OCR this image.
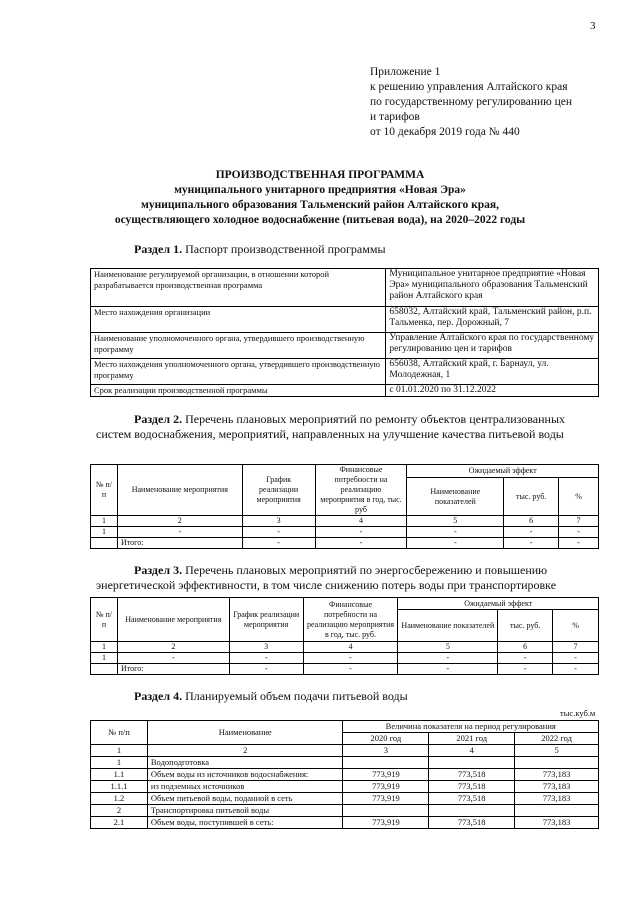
3
Приложение 1
к решению управления Алтайского края
по государственному регулированию цен
и тарифов
от 10 декабря 2019 года № 440
ПРОИЗВОДСТВЕННАЯ ПРОГРАММА
муниципального унитарного предприятия «Новая Эра»
муниципального образования Тальменский район Алтайского края,
осуществляющего холодное водоснабжение (питьевая вода), на 2020–2022 годы
Раздел 1. Паспорт производственной программы
Наименование регулируемой организации, в отношении которой разрабатывается производственная программа	Муниципальное унитарное предприятие «Новая Эра» муниципального образования Тальменский район Алтайского края
Место нахождения организации	658032, Алтайский край, Тальменский район, р.п. Тальменка, пер. Дорожный, 7
Наименование уполномоченного органа, утвердившего производственную программу	Управление Алтайского края по государственному регулированию цен и тарифов
Место нахождения уполномоченного органа, утвердившего производственную программу	656038, Алтайский край, г. Барнаул, ул. Молодежная, 1
Срок реализации производственной программы	с 01.01.2020 по 31.12.2022
Раздел 2. Перечень плановых мероприятий по ремонту объектов централизованных систем водоснабжения, мероприятий, направленных на улучшение качества питьевой воды
№ п/п	Наименование мероприятия	График реализации мероприятия	Финансовые потребности на реализацию мероприятия в год, тыс. руб	Ожидаемый эффект		
				Наименование показателей	тыс. руб.	%
1	2	3	4	5	6	7
1	-	-	-	-	-	-
	Итого:	-	-	-	-	-
Раздел 3. Перечень плановых мероприятий по энергосбережению и повышению энергетической эффективности, в том числе снижению потерь воды при транспортировке
№ п/п	Наименование мероприятия	График реализации мероприятия	Финансовые потребности на реализацию мероприятия в год, тыс. руб.	Ожидаемый эффект		
				Наименование показателей	тыс. руб.	%
1	2	3	4	5	6	7
1	-	-	-	-	-	-
	Итого:	-	-	-	-	-
Раздел 4. Планируемый объем подачи питьевой воды
тыс.куб.м
№ п/п	Наименование	Величина показателя на период регулирования		
		2020 год	2021 год	2022 год
1	2	3	4	5
1	Водоподготовка			
1.1	Объем воды из источников водоснабжения:	773,919	773,518	773,183
1.1.1	из подземных источников	773,919	773,518	773,183
1.2	Объем питьевой воды, поданной в сеть	773,919	773,518	773,183
2	Транспортировка питьевой воды			
2.1	Объем воды, поступившей в сеть:	773,919	773,518	773,183
